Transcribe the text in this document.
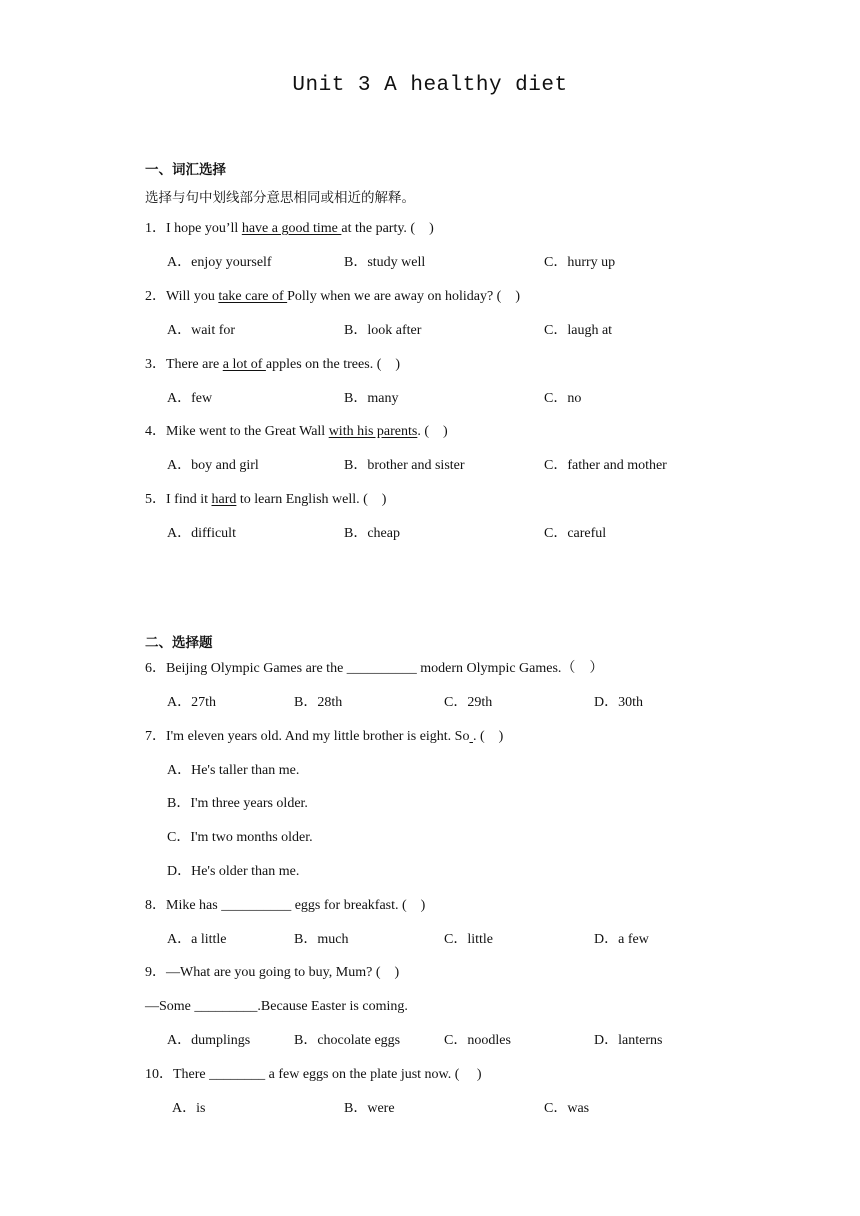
Unit 3 A healthy diet
一、词汇选择
选择与句中划线部分意思相同或相近的解释。
1．I hope you’ll have a good time at the party. (    )
A．enjoy yourself	B．study well	C．hurry up
2．Will you take care of Polly when we are away on holiday? (    )
A．wait for	B．look after	C．laugh at
3．There are a lot of apples on the trees. (    )
A．few	B．many	C．no
4．Mike went to the Great Wall with his parents. (    )
A．boy and girl	B．brother and sister	C．father and mother
5．I find it hard to learn English well. (    )
A．difficult	B．cheap	C．careful
二、选择题
6．Beijing Olympic Games are the __________ modern Olympic Games.（    ）
A．27th	B．28th	C．29th	D．30th
7．I'm eleven years old. And my little brother is eight. So . (    )
A．He's taller than me.
B．I'm three years older.
C．I'm two months older.
D．He's older than me.
8．Mike has __________ eggs for breakfast. (    )
A．a little	B．much	C．little	D．a few
9．—What are you going to buy, Mum? (    )
—Some _________.Because Easter is coming.
A．dumplings	B．chocolate eggs	C．noodles	D．lanterns
10．There ________ a few eggs on the plate just now. (     )
A．is	B．were	C．was
